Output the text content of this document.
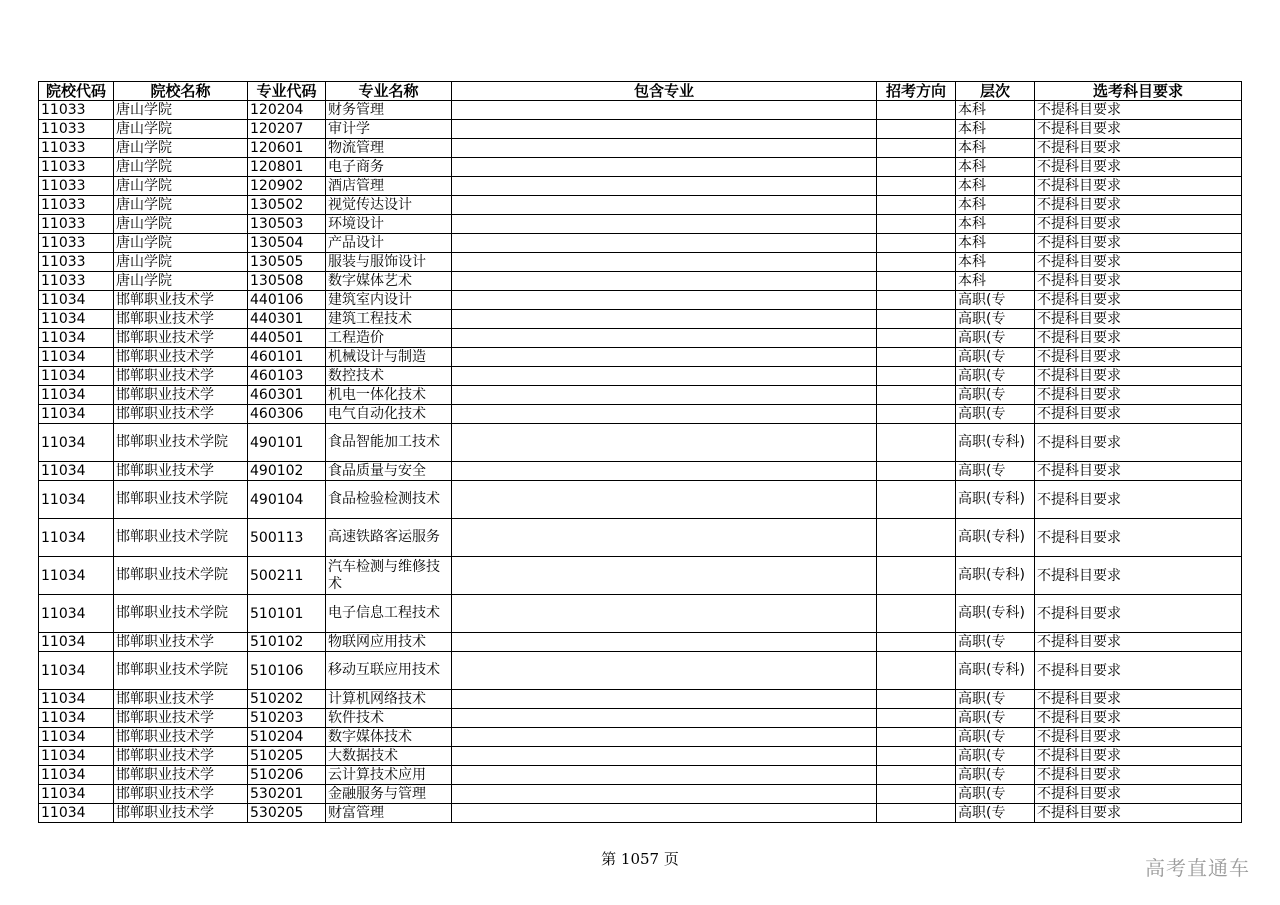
院校代码	院校名称	专业代码	专业名称	包含专业	招考方向	层次	选考科目要求
11033	唐山学院	120204	财务管理			本科	不提科目要求
11033	唐山学院	120207	审计学			本科	不提科目要求
11033	唐山学院	120601	物流管理			本科	不提科目要求
11033	唐山学院	120801	电子商务			本科	不提科目要求
11033	唐山学院	120902	酒店管理			本科	不提科目要求
11033	唐山学院	130502	视觉传达设计			本科	不提科目要求
11033	唐山学院	130503	环境设计			本科	不提科目要求
11033	唐山学院	130504	产品设计			本科	不提科目要求
11033	唐山学院	130505	服装与服饰设计			本科	不提科目要求
11033	唐山学院	130508	数字媒体艺术			本科	不提科目要求
11034	邯郸职业技术学	440106	建筑室内设计			高职(专	不提科目要求
11034	邯郸职业技术学	440301	建筑工程技术			高职(专	不提科目要求
11034	邯郸职业技术学	440501	工程造价			高职(专	不提科目要求
11034	邯郸职业技术学	460101	机械设计与制造			高职(专	不提科目要求
11034	邯郸职业技术学	460103	数控技术			高职(专	不提科目要求
11034	邯郸职业技术学	460301	机电一体化技术			高职(专	不提科目要求
11034	邯郸职业技术学	460306	电气自动化技术			高职(专	不提科目要求
11034	邯郸职业技术学院	490101	食品智能加工技术			高职(专科)	不提科目要求
11034	邯郸职业技术学	490102	食品质量与安全			高职(专	不提科目要求
11034	邯郸职业技术学院	490104	食品检验检测技术			高职(专科)	不提科目要求
11034	邯郸职业技术学院	500113	高速铁路客运服务			高职(专科)	不提科目要求
11034	邯郸职业技术学院	500211	汽车检测与维修技术			高职(专科)	不提科目要求
11034	邯郸职业技术学院	510101	电子信息工程技术			高职(专科)	不提科目要求
11034	邯郸职业技术学	510102	物联网应用技术			高职(专	不提科目要求
11034	邯郸职业技术学院	510106	移动互联应用技术			高职(专科)	不提科目要求
11034	邯郸职业技术学	510202	计算机网络技术			高职(专	不提科目要求
11034	邯郸职业技术学	510203	软件技术			高职(专	不提科目要求
11034	邯郸职业技术学	510204	数字媒体技术			高职(专	不提科目要求
11034	邯郸职业技术学	510205	大数据技术			高职(专	不提科目要求
11034	邯郸职业技术学	510206	云计算技术应用			高职(专	不提科目要求
11034	邯郸职业技术学	530201	金融服务与管理			高职(专	不提科目要求
11034	邯郸职业技术学	530205	财富管理			高职(专	不提科目要求
第 1057 页	高考直通车
